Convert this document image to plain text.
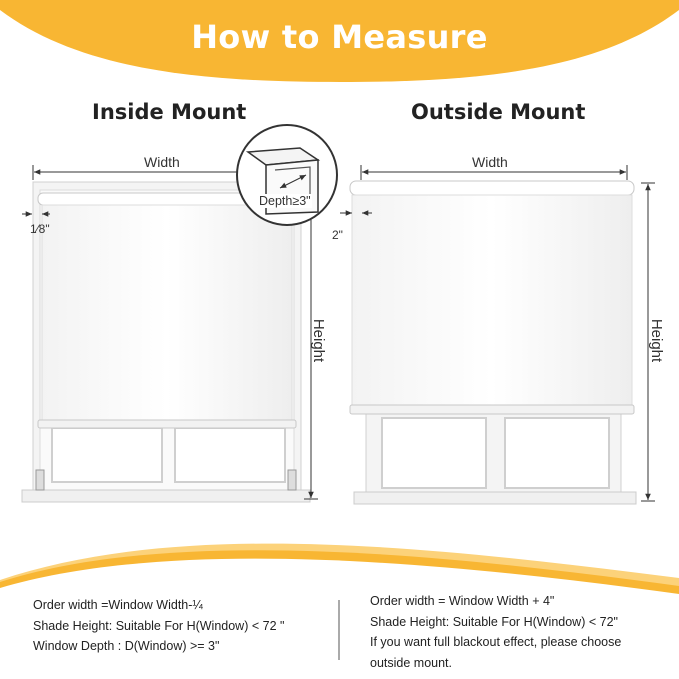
How to Measure
Inside Mount	Outside Mount
Width	Width
Height	Height
1⁄8"	2"
Depth≥3"
Order width =Window Width-¼
Shade Height: Suitable For H(Window) < 72 "
Window Depth : D(Window) >= 3"
Order width = Window Width + 4"
Shade Height: Suitable For H(Window) < 72"
If you want full blackout effect, please choose
outside mount.
